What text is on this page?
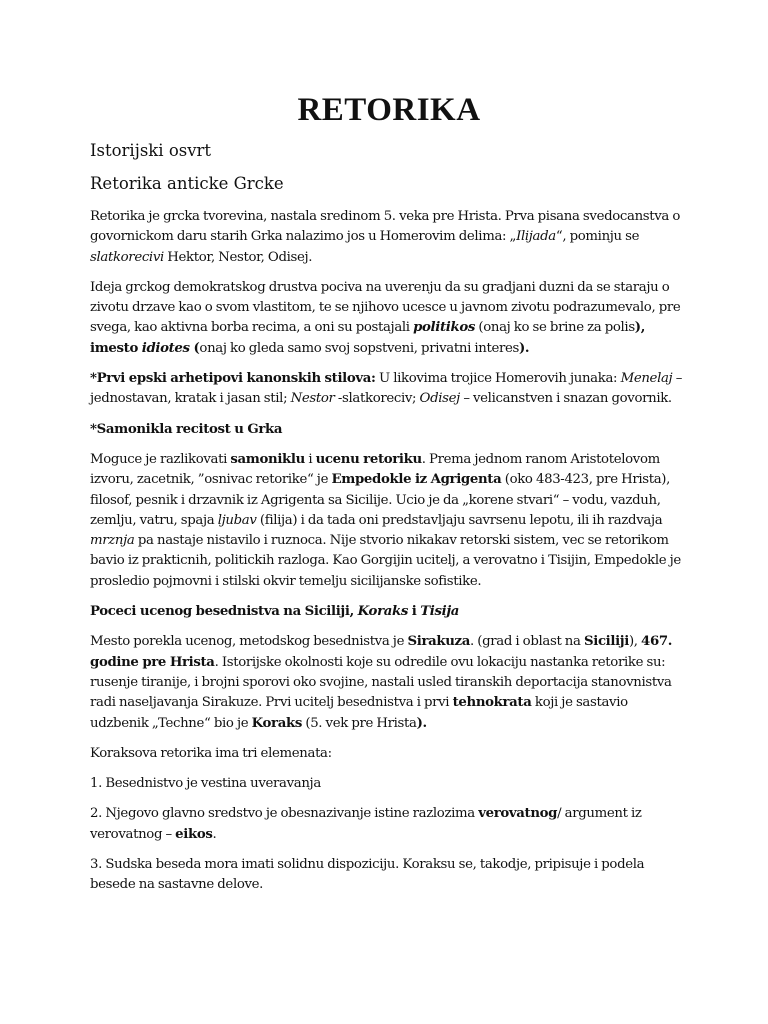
RETORIKA
Istorijski osvrt
Retorika anticke Grcke

Retorika je grcka tvorevina, nastala sredinom 5. veka pre Hrista. Prva pisana svedocanstva o govornickom daru starih Grka nalazimo jos u Homerovim delima: „Ilijada“, pominju se slatkorecivi Hektor, Nestor, Odisej.

Ideja grckog demokratskog drustva pociva na uverenju da su gradjani duzni da se staraju o zivotu drzave kao o svom vlastitom, te se njihovo ucesce u javnom zivotu podrazumevalo, pre svega, kao aktivna borba recima, a oni su postajali politikos (onaj ko se brine za polis), imesto idiotes (onaj ko gleda samo svoj sopstveni, privatni interes).

*Prvi epski arhetipovi kanonskih stilova: U likovima trojice Homerovih junaka: Menelaj – jednostavan, kratak i jasan stil; Nestor -slatkoreciv; Odisej – velicanstven i snazan govornik.

*Samonikla recitost u Grka

Moguce je razlikovati samoniklu i ucenu retoriku. Prema jednom ranom Aristotelovom izvoru, zacetnik, ”osnivac retorike“ je Empedokle iz Agrigenta (oko 483-423, pre Hrista), filosof, pesnik i drzavnik iz Agrigenta sa Sicilije. Ucio je da „korene stvari“ – vodu, vazduh, zemlju, vatru, spaja ljubav (filija) i da tada oni predstavljaju savrsenu lepotu, ili ih razdvaja mrznja pa nastaje nistavilo i ruznoca. Nije stvorio nikakav retorski sistem, vec se retorikom bavio iz prakticnih, politickih razloga. Kao Gorgijin ucitelj, a verovatno i Tisijin, Empedokle je prosledio pojmovni i stilski okvir temelju sicilijanske sofistike.

Poceci ucenog besednistva na Siciliji, Koraks i Tisija

Mesto porekla ucenog, metodskog besednistva je Sirakuza. (grad i oblast na Siciliji), 467. godine pre Hrista. Istorijske okolnosti koje su odredile ovu lokaciju nastanka retorike su: rusenje tiranije, i brojni sporovi oko svojine, nastali usled tiranskih deportacija stanovnistva radi naseljavanja Sirakuze. Prvi ucitelj besednistva i prvi tehnokrata koji je sastavio udzbenik „Techne“ bio je Koraks (5. vek pre Hrista).

Koraksova retorika ima tri elemenata:

1. Besednistvo je vestina uveravanja

2. Njegovo glavno sredstvo je obesnazivanje istine razlozima verovatnog/ argument iz verovatnog – eikos.

3. Sudska beseda mora imati solidnu dispoziciju. Koraksu se, takodje, pripisuje i podela besede na sastavne delove.
